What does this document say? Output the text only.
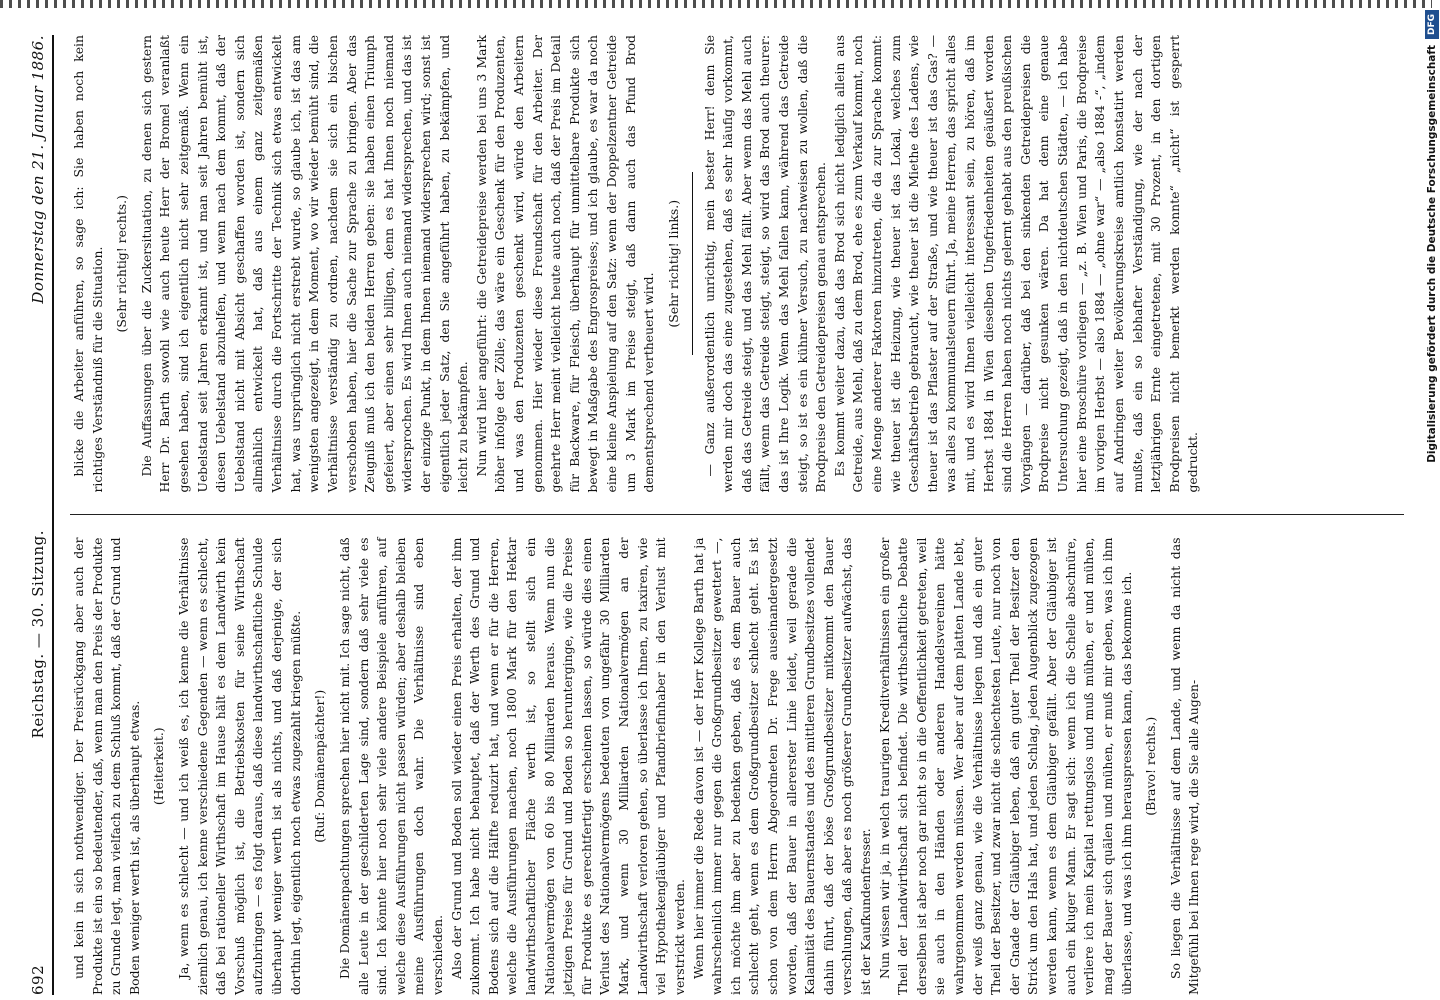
692
Reichstag. — 30. Sitzung.
Donnerstag den 21. Januar 1886.

und kein in sich nothwendiger. Der Preisrückgang aber auch der Produkte ist ein so bedeutender, daß, wenn man den Preis der Produkte zu Grunde legt, man vielfach zu dem Schluß kommt, daß der Grund und Boden weniger werth ist, als überhaupt etwas. (Heiterkeit.) Ja, wenn es schlecht — und ich weiß es, ich kenne die Verhältnisse ziemlich genau, ich kenne verschiedene Gegenden — wenn es schlecht, daß bei rationeller Wirthschaft im Hause hält es dem Landwirth kein Vorschuß möglich ist, die Betriebskosten für seine Wirthschaft aufzubringen — es folgt daraus, daß diese landwirthschaftliche Schulde überhaupt weniger werth ist als nichts, und daß derjenige, der sich dorthin legt, eigentlich noch etwas zugezahlt kriegen müßte. (Ruf: Domänenpächter!) Die Domänenpachtungen sprechen hier nicht mit. Ich sage nicht, daß alle Leute in der geschilderten Lage sind, sondern daß sehr viele es sind. Ich könnte hier noch sehr viele andere Beispiele anführen, auf welche diese Ausführungen nicht passen würden; aber deshalb bleiben meine Ausführungen doch wahr. Die Verhältnisse sind eben verschieden. Also der Grund und Boden soll wieder einen Preis erhalten, der ihm zukommt. Ich habe nicht behauptet, daß der Werth des Grund und Bodens sich auf die Hälfte reduzirt hat, und wenn er für die Herren, welche die Ausführungen machen, noch 1800 Mark für den Hektar landwirthschaftlicher Fläche werth ist, so stellt sich ein Nationalvermögen von 60 bis 80 Milliarden heraus. Wenn nun die jetzigen Preise für Grund und Boden so herunterginge, wie die Preise für Produkte es gerechtfertigt erscheinen lassen, so würde dies einen Verlust des Nationalvermögens bedeuten von ungefähr 30 Milliarden Mark, und wenn 30 Milliarden Nationalvermögen an der Landwirthschaft verloren gehen, so überlasse ich Ihnen, zu taxiren, wie viel Hypothekengläubiger und Pfandbriefinhaber in den Verlust mit verstrickt werden. Wenn hier immer die Rede davon ist — der Herr Kollege Barth hat ja wahrscheinlich immer nur gegen die Großgrundbesitzer gewettert —, ich möchte ihm aber zu bedenken geben, daß es dem Bauer auch schlecht geht, wenn es dem Großgrundbesitzer schlecht geht. Es ist schon von dem Herrn Abgeordneten Dr. Frege auseinandergesetzt worden, daß der Bauer in allererster Linie leidet, weil gerade die Kalamität des Bauernstandes und des mittleren Grundbesitzes vollendet dahin führt, daß der böse Großgrundbesitzer mitkommt den Bauer verschlungen, daß aber es noch größerer Grundbesitzer aufwächst, das ist der Kaufkundenfresser. Nun wissen wir ja, in welch traurigen Kreditverhältnissen ein großer Theil der Landwirthschaft sich befindet. Die wirthschaftliche Debatte derselben ist aber noch gar nicht so in die Oeffentlichkeit getreten, weil sie auch in den Händen oder anderen Handelsvereinen hätte wahrgenommen werden müssen. Wer aber auf dem platten Lande lebt, der weiß ganz genau, wie die Verhältnisse liegen und daß ein guter Theil der Besitzer, und zwar nicht die schlechtesten Leute, nur noch von der Gnade der Gläubiger leben, daß ein guter Theil der Besitzer den Strick um den Hals hat, und jeden Schlag, jeden Augenblick zugezogen werden kann, wenn es dem Gläubiger gefällt. Aber der Gläubiger ist auch ein kluger Mann. Er sagt sich: wenn ich die Schelle abschnüre, verliere ich mein Kapital rettungslos und muß mühen, er und mühen, mag der Bauer sich quälen und mühen, er muß mir geben, was ich ihm überlasse, und was ich ihm herauspressen kann, das bekomme ich. (Bravo! rechts.) So liegen die Verhältnisse auf dem Lande, und wenn da nicht das Mitgefühl bei Ihnen rege wird, die Sie alle Augen-

blicke die Arbeiter anführen, so sage ich: Sie haben noch kein richtiges Verständniß für die Situation. (Sehr richtig! rechts.) Die Auffassungen über die Zuckersituation, zu denen sich gestern Herr Dr. Barth sowohl wie auch heute Herr der Bromel veranlaßt gesehen haben, sind ich eigentlich nicht sehr zeitgemäß. Wenn ein Uebelstand seit Jahren erkannt ist, und man seit Jahren bemüht ist, diesen Uebelstand abzuhelfen, und wenn nach dem kommt, daß der Uebelstand nicht mit Absicht geschaffen worden ist, sondern sich allmählich entwickelt hat, daß aus einem ganz zeitgemäßen Verhältnisse durch die Fortschritte der Technik sich etwas entwickelt hat, was ursprünglich nicht erstrebt wurde, so glaube ich, ist das am wenigsten angezeigt, in dem Moment, wo wir wieder bemüht sind, die Verhältnisse verständig zu ordnen, nachdem sie sich ein bischen verschoben haben, hier die Sache zur Sprache zu bringen. Aber das Zeugniß muß ich den beiden Herren geben: sie haben einen Triumph gefeiert, aber einen sehr billigen, denn es hat Ihnen noch niemand widersprochen. Es wird Ihnen auch niemand widersprechen, und das ist der einzige Punkt, in dem Ihnen niemand widersprechen wird; sonst ist eigentlich jeder Satz, den Sie angeführt haben, zu bekämpfen, und leicht zu bekämpfen. Nun wird hier angeführt: die Getreidepreise werden bei uns 3 Mark höher infolge der Zölle; das wäre ein Geschenk für den Produzenten, und was den Produzenten geschenkt wird, würde den Arbeitern genommen. Hier wieder diese Freundschaft für den Arbeiter. Der geehrte Herr meint vielleicht heute auch noch, daß der Preis im Detail für Backware, für Fleisch, überhaupt für unmittelbare Produkte sich bewegt in Maßgabe des Engrospreises; und ich glaube, es war da noch eine kleine Anspielung auf den Satz: wenn der Doppelzentner Getreide um 3 Mark im Preise steigt, daß dann auch das Pfund Brod dementsprechend vertheuert wird.

(Sehr richtig! links.) — Ganz außerordentlich unrichtig, mein bester Herr! denn Sie werden mir doch das eine zugestehen, daß es sehr häufig vorkommt, daß das Getreide steigt, und das Mehl fällt. Aber wenn das Mehl auch fällt, wenn das Getreide steigt, steigt, so wird das Brod auch theurer: das ist Ihre Logik. Wenn das Mehl fallen kann, während das Getreide steigt, so ist es ein kühner Versuch, zu nachweisen zu wollen, daß die Brodpreise den Getreidepreisen genau entsprechen. Es kommt weiter dazu, daß das Brod sich nicht lediglich allein aus Getreide, aus Mehl, daß zu dem Brod, ehe es zum Verkauf kommt, noch eine Menge anderer Faktoren hinzutreten, die da zur Sprache kommt: wie theuer ist die Heizung, wie theuer ist das Lokal, welches zum Geschäftsbetrieb gebraucht, wie theuer ist die Miethe des Ladens, wie theuer ist das Pflaster auf der Straße, und wie theuer ist das Gas? — was alles zu kommunalsteuern führt. Ja, meine Herren, das spricht alles mit, und es wird Ihnen vielleicht interessant sein, zu hören, daß im Herbst 1884 in Wien dieselben Ungefriedenheiten geäußert worden sind die Herren haben noch nichts gelernt gehabt aus den preußischen Vorgängen — darüber, daß bei den sinkenden Getreidepreisen die Brodpreise nicht gesunken wären. Da hat denn eine genaue Untersuchung gezeigt, daß in den nichtdeutschen Städten, — ich habe hier eine Broschüre vorliegen — „z. B. Wien und Paris, die Brodpreise im vorigen Herbst — also 1884 — „ohne war“ — „also 1884 -“, „indem auf Andringen weiter Bevölkerungskreise amtlich konstatirt werden mußte, daß ein so lebhafter Verständigung, wie der nach der letztjährigen Ernte eingetretene, mit 30 Prozent, in den dortigen Brodpreisen nicht bemerkt werden konnte“ „nicht“ ist gesperrt gedruckt.	Digitalisierung gefördert durch die Deutsche Forschungsgemeinschaft
DFG
